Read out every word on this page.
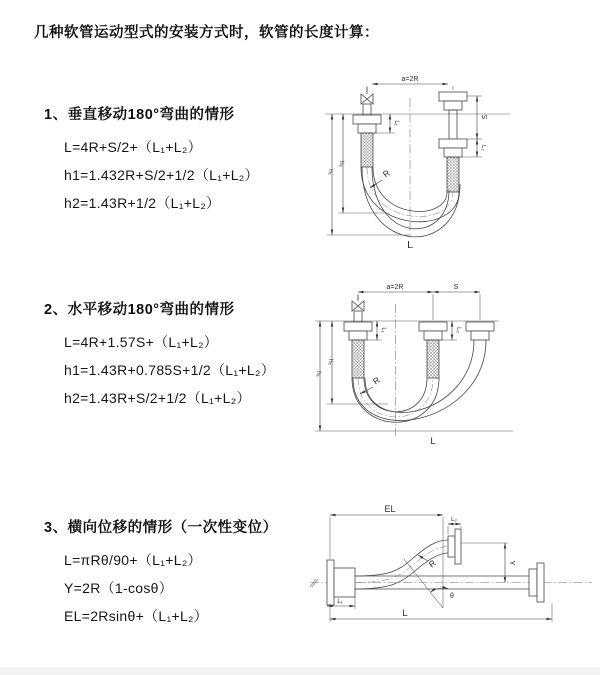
几种软管运动型式的安装方式时，软管的长度计算：

1、垂直移动180°弯曲的情形

L=4R+S/2+（L₁+L₂）
h1=1.432R+S/2+1/2（L₁+L₂）
h2=1.43R+1/2（L₁+L₂）
a=2R
L₁
S
L₂
h₁
h₂
R
L

2、水平移动180°弯曲的情形

L=4R+1.57S+（L₁+L₂）
h1=1.43R+0.785S+1/2（L₁+L₂）
h2=1.43R+S/2+1/2（L₁+L₂）
a=2R	S
L₁	L₂
h₁
h₂
R
L

3、横向位移的情形（一次性变位）

L=πRθ/90+（L₁+L₂）
Y=2R（1-cosθ）
EL=2Rsinθ+（L₁+L₂）
EL
L₂
Y
θ
R
L₁
L
